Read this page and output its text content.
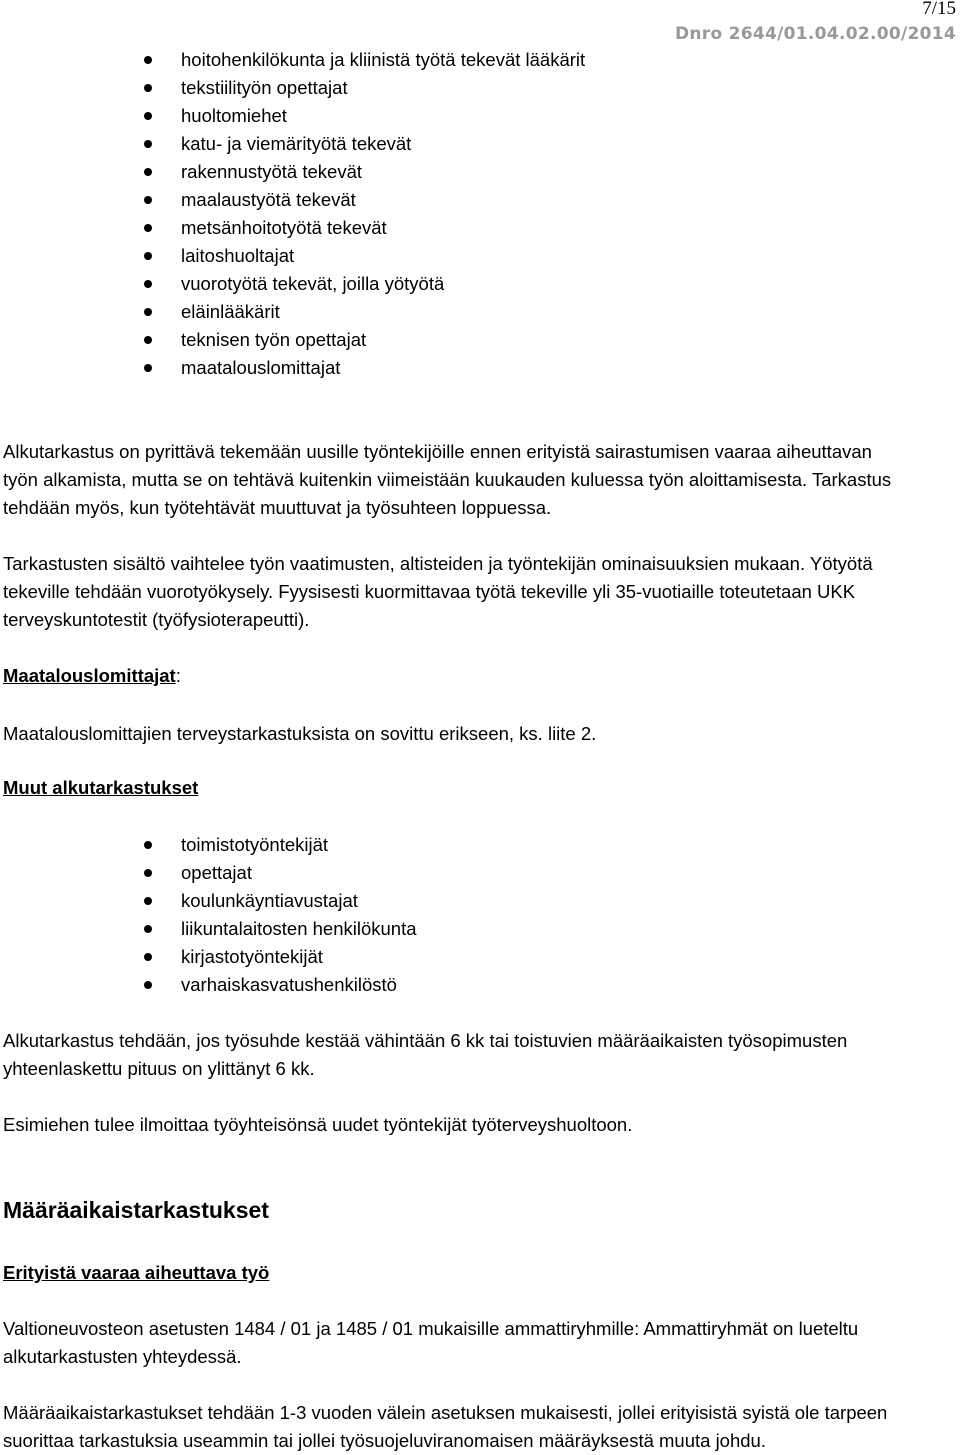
7/15
Dnro 2644/01.04.02.00/2014
hoitohenkilökunta ja kliinistä työtä tekevät lääkärit
tekstiilityön opettajat
huoltomiehet
katu- ja viemärityötä tekevät
rakennustyötä tekevät
maalaustyötä tekevät
metsänhoitotyötä tekevät
laitoshuoltajat
vuorotyötä tekevät, joilla yötyötä
eläinlääkärit
teknisen työn opettajat
maatalouslomittajat
Alkutarkastus on pyrittävä tekemään uusille työntekijöille ennen erityistä sairastumisen vaaraa aiheuttavan
työn alkamista, mutta se on tehtävä kuitenkin viimeistään kuukauden kuluessa työn aloittamisesta. Tarkastus
tehdään myös, kun työtehtävät muuttuvat ja työsuhteen loppuessa.
Tarkastusten sisältö vaihtelee työn vaatimusten, altisteiden ja työntekijän ominaisuuksien mukaan. Yötyötä
tekeville tehdään vuorotyökysely. Fyysisesti kuormittavaa työtä tekeville yli 35-vuotiaille toteutetaan UKK
terveyskuntotestit (työfysioterapeutti).
Maatalouslomittajat:
Maatalouslomittajien terveystarkastuksista on sovittu erikseen, ks. liite 2.
Muut alkutarkastukset
toimistotyöntekijät
opettajat
koulunkäyntiavustajat
liikuntalaitosten henkilökunta
kirjastotyöntekijät
varhaiskasvatushenkilöstö
Alkutarkastus tehdään, jos työsuhde kestää vähintään 6 kk tai toistuvien määräaikaisten työsopimusten
yhteenlaskettu pituus on ylittänyt 6 kk.
Esimiehen tulee ilmoittaa työyhteisönsä uudet työntekijät työterveyshuoltoon.
Määräaikaistarkastukset
Erityistä vaaraa aiheuttava työ
Valtioneuvosteon asetusten 1484 / 01 ja 1485 / 01 mukaisille ammattiryhmille: Ammattiryhmät on lueteltu
alkutarkastusten yhteydessä.
Määräaikaistarkastukset tehdään 1-3 vuoden välein asetuksen mukaisesti, jollei erityisistä syistä ole tarpeen
suorittaa tarkastuksia useammin tai jollei työsuojeluviranomaisen määräyksestä muuta johdu.
